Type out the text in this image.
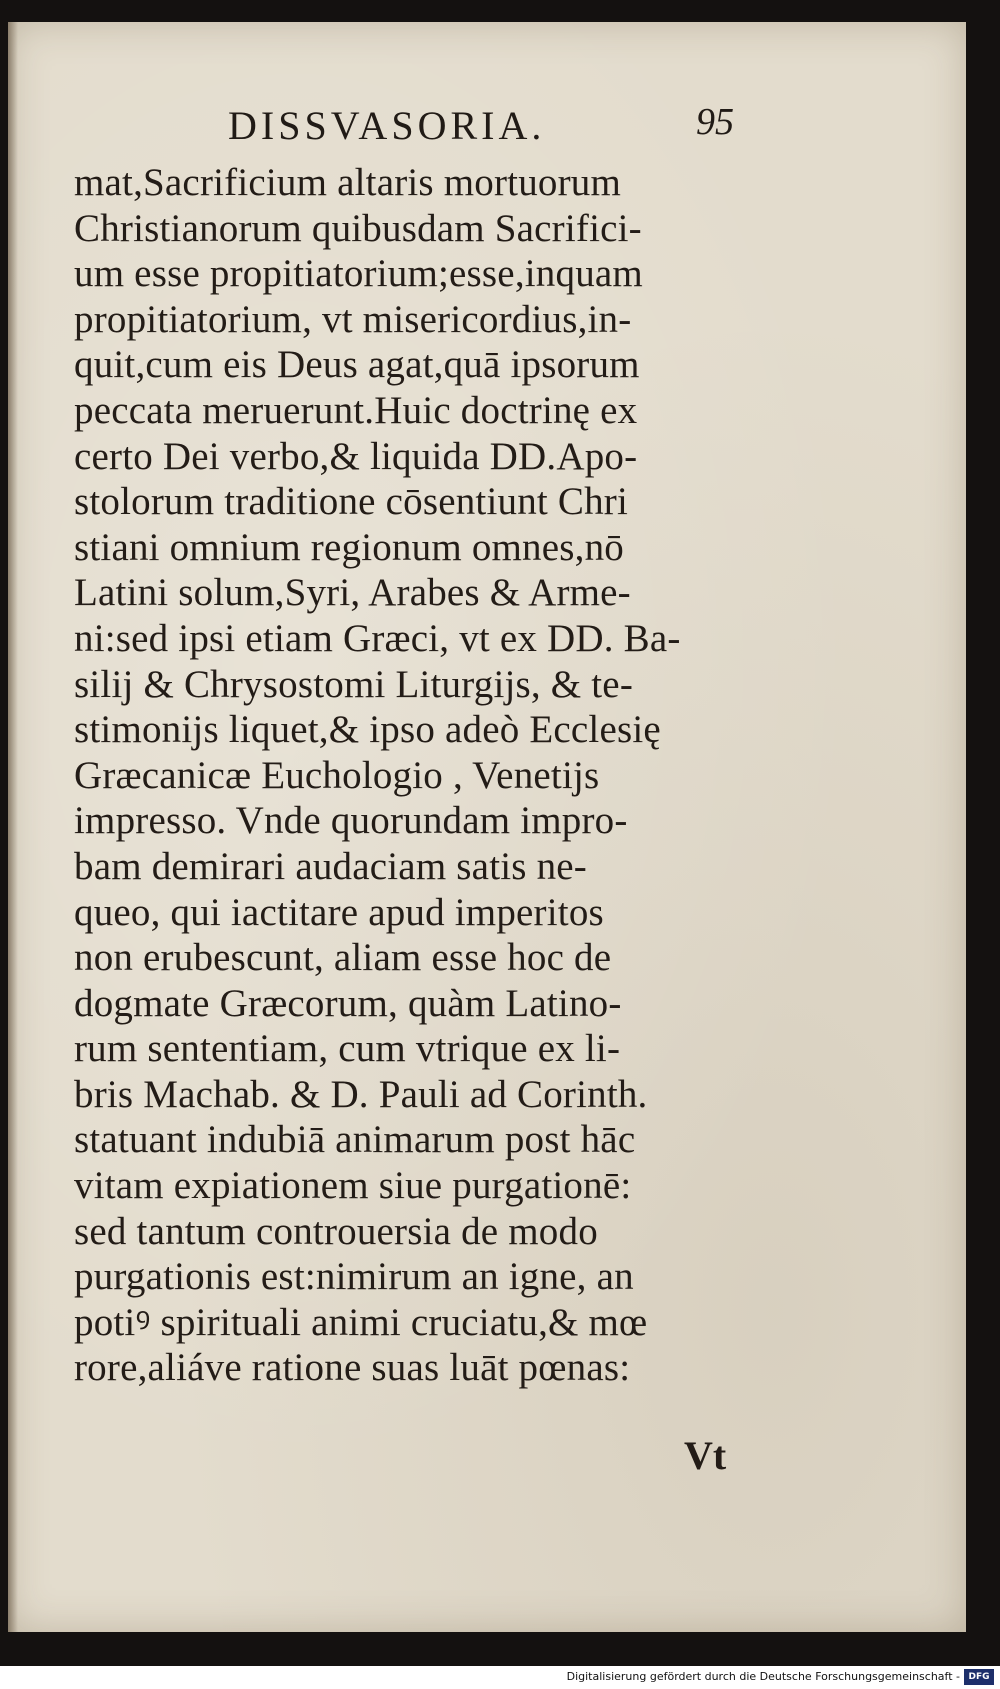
DISSVASORIA.	95
mat,Sacrificium altaris mortuorum
Christianorum quibusdam Sacrifici-
um esse propitiatorium;esse,inquam
propitiatorium, vt misericordius,in-
quit,cum eis Deus agat,quā ipsorum
peccata meruerunt.Huic doctrinę ex
certo Dei verbo,& liquida DD.Apo-
stolorum traditione cōsentiunt Chri
stiani omnium regionum omnes,nō
Latini solum,Syri, Arabes & Arme-
ni:sed ipsi etiam Græci, vt ex DD. Ba-
silij & Chrysostomi Liturgijs, & te-
stimonijs liquet,& ipso adeò Ecclesię
Græcanicæ Euchologio , Venetijs
impresso. Vnde quorundam impro-
bam demirari audaciam satis ne-
queo, qui iactitare apud imperitos
non erubescunt, aliam esse hoc de
dogmate Græcorum, quàm Latino-
rum sententiam, cum vtrique ex li-
bris Machab. & D. Pauli ad Corinth.
statuant indubiā animarum post hāc
vitam expiationem siue purgationē:
sed tantum controuersia de modo
purgationis est:nimirum an igne, an
potiꝰ spirituali animi cruciatu,& mœ
rore,aliáve ratione suas luāt pœnas:
Vt
Digitalisierung gefördert durch die Deutsche Forschungsgemeinschaft - DFG
